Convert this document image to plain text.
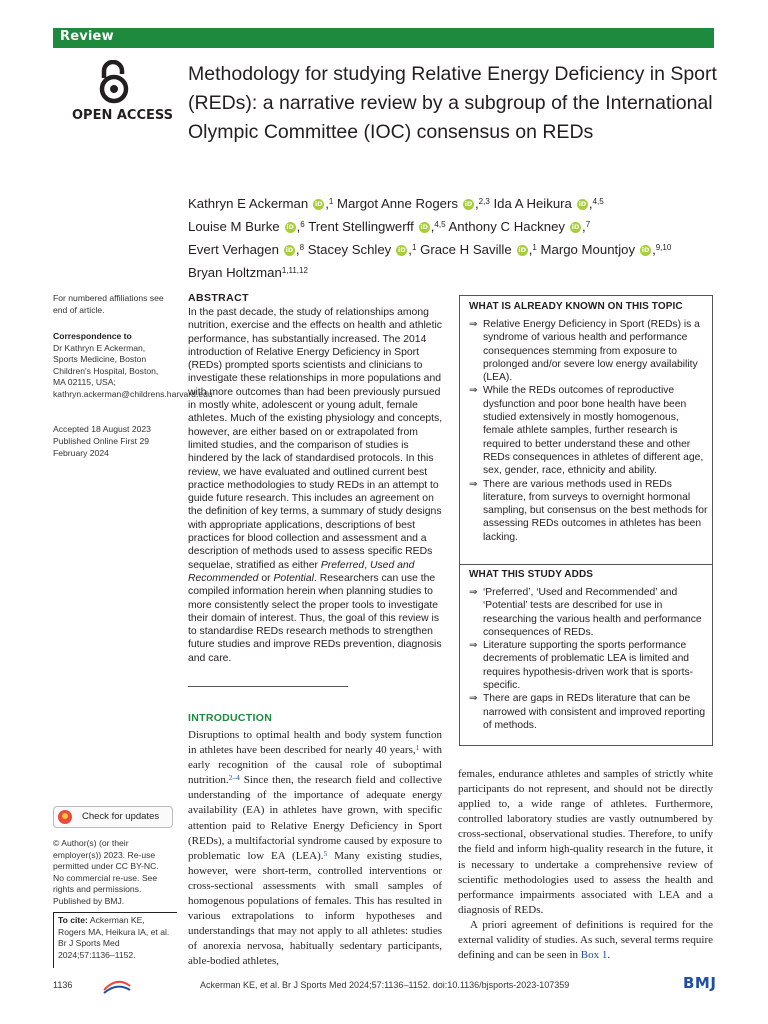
Review
OPEN ACCESS
Methodology for studying Relative Energy Deficiency in Sport (REDs): a narrative review by a subgroup of the International Olympic Committee (IOC) consensus on REDs
Kathryn E Ackerman iD ,$^1$ Margot Anne Rogers iD ,$^{2,3}$ Ida A Heikura iD ,$^{4,5}$
Louise M Burke iD ,$^6$ Trent Stellingwerff iD ,$^{4,5}$ Anthony C Hackney iD ,$^7$
Evert Verhagen iD ,$^8$ Stacey Schley iD ,$^1$ Grace H Saville iD ,$^1$ Margo Mountjoy iD ,$^{9,10}$
Bryan Holtzman$^{1,11,12}$
For numbered affiliations see end of article.
Correspondence to
Dr Kathryn E Ackerman, Sports Medicine, Boston Children's Hospital, Boston, MA 02115, USA; kathryn.ackerman@childrens.harvard.edu
Accepted 18 August 2023
Published Online First 29 February 2024
Check for updates
© Author(s) (or their employer(s)) 2023. Re-use permitted under CC BY-NC. No commercial re-use. See rights and permissions. Published by BMJ.
To cite: Ackerman KE, Rogers MA, Heikura IA, et al. Br J Sports Med 2024;57:1136–1152.
ABSTRACT
In the past decade, the study of relationships among nutrition, exercise and the effects on health and athletic performance, has substantially increased. The 2014 introduction of Relative Energy Deficiency in Sport (REDs) prompted sports scientists and clinicians to investigate these relationships in more populations and with more outcomes than had been previously pursued in mostly white, adolescent or young adult, female athletes. Much of the existing physiology and concepts, however, are either based on or extrapolated from limited studies, and the comparison of studies is hindered by the lack of standardised protocols. In this review, we have evaluated and outlined current best practice methodologies to study REDs in an attempt to guide future research. This includes an agreement on the definition of key terms, a summary of study designs with appropriate applications, descriptions of best practices for blood collection and assessment and a description of methods used to assess specific REDs sequelae, stratified as either Preferred, Used and Recommended or Potential. Researchers can use the compiled information herein when planning studies to more consistently select the proper tools to investigate their domain of interest. Thus, the goal of this review is to standardise REDs research methods to strengthen future studies and improve REDs prevention, diagnosis and care.
WHAT IS ALREADY KNOWN ON THIS TOPIC
⇒ Relative Energy Deficiency in Sport (REDs) is a syndrome of various health and performance consequences stemming from exposure to prolonged and/or severe low energy availability (LEA).
⇒ While the REDs outcomes of reproductive dysfunction and poor bone health have been studied extensively in mostly homogenous, female athlete samples, further research is required to better understand these and other REDs consequences in athletes of different age, sex, gender, race, ethnicity and ability.
⇒ There are various methods used in REDs literature, from surveys to overnight hormonal sampling, but consensus on the best methods for assessing REDs outcomes in athletes has been lacking.
WHAT THIS STUDY ADDS
⇒ ‘Preferred’, ‘Used and Recommended’ and ‘Potential’ tests are described for use in researching the various health and performance consequences of REDs.
⇒ Literature supporting the sports performance decrements of problematic LEA is limited and requires hypothesis-driven work that is sports-specific.
⇒ There are gaps in REDs literature that can be narrowed with consistent and improved reporting of methods.
INTRODUCTION
Disruptions to optimal health and body system function in athletes have been described for nearly 40 years,$^1$ with early recognition of the causal role of suboptimal nutrition.$^{2-4}$ Since then, the research field and collective understanding of the importance of adequate energy availability (EA) in athletes have grown, with specific attention paid to Relative Energy Deficiency in Sport (REDs), a multifactorial syndrome caused by exposure to problematic low EA (LEA).$^5$ Many existing studies, however, were short-term, controlled interventions or cross-sectional assessments with small samples of homogenous populations of females. This has resulted in various extrapolations to inform hypotheses and understandings that may not apply to all athletes: studies of anorexia nervosa, habitually sedentary participants, able-bodied athletes,
females, endurance athletes and samples of strictly white participants do not represent, and should not be directly applied to, a wide range of athletes. Furthermore, controlled laboratory studies are vastly outnumbered by cross-sectional, observational studies. Therefore, to unify the field and inform high-quality research in the future, it is necessary to undertake a comprehensive review of scientific methodologies used to assess the health and performance impairments associated with LEA and a diagnosis of REDs.
A priori agreement of definitions is required for the external validity of studies. As such, several terms require defining and can be seen in Box 1.
1136	Ackerman KE, et al. Br J Sports Med 2024;57:1136–1152. doi:10.1136/bjsports-2023-107359	BMJ
